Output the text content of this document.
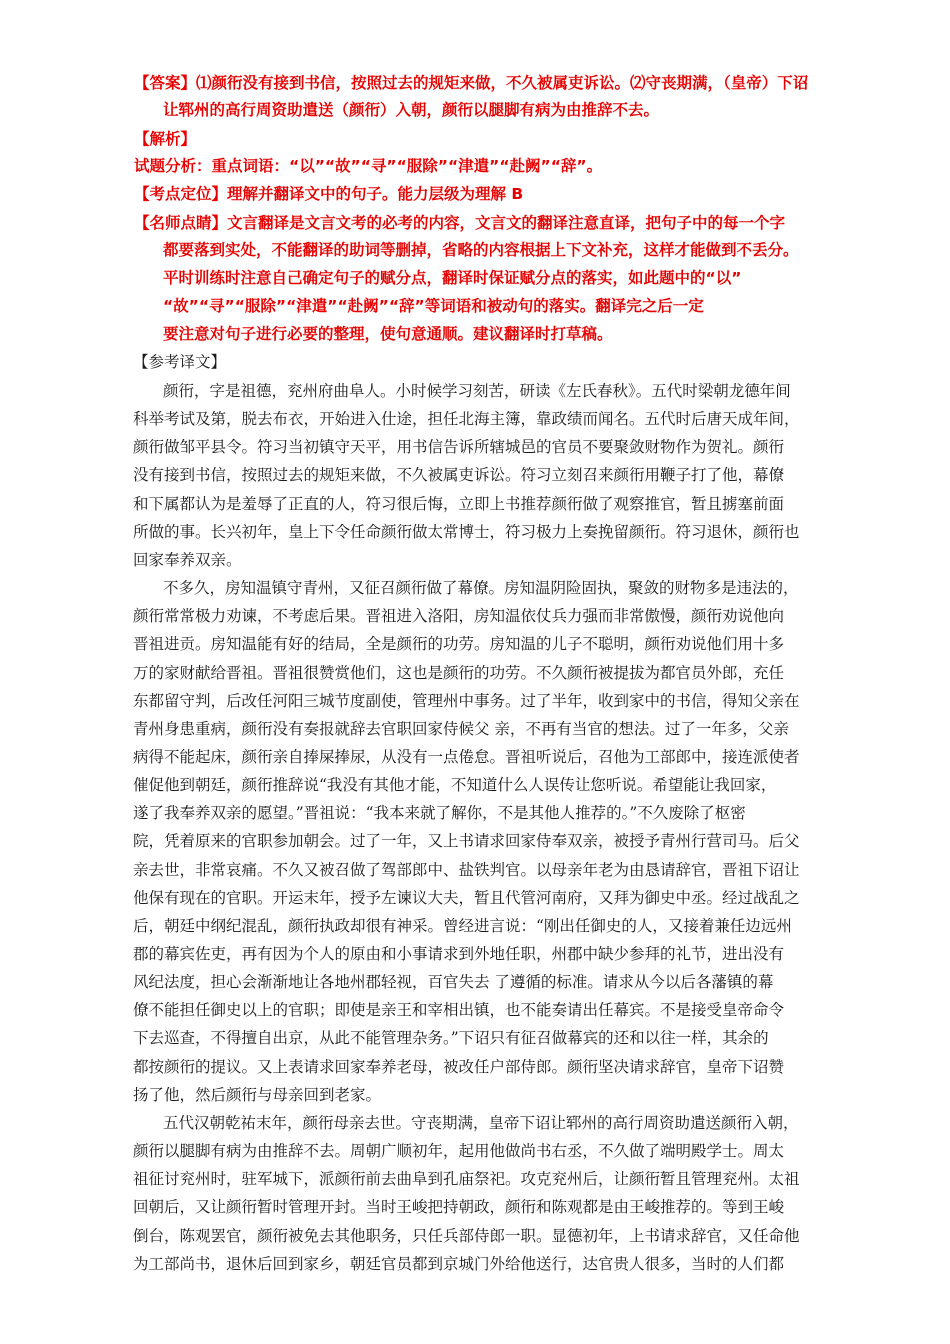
【答案】⑴颜衎没有接到书信，按照过去的规矩来做，不久被属吏诉讼。⑵守丧期满，（皇帝）下诏
让郓州的高行周资助遣送（颜衎）入朝，颜衎以腿脚有病为由推辞不去。
【解析】
试题分析：重点词语：“以”“故”“寻”“服除”“津遣”“赴阙”“辞”。
【考点定位】理解并翻译文中的句子。能力层级为理解 B
【名师点睛】文言翻译是文言文考的必考的内容，文言文的翻译注意直译，把句子中的每一个字
都要落到实处，不能翻译的助词等删掉，省略的内容根据上下文补充，这样才能做到不丢分。
平时训练时注意自己确定句子的赋分点，翻译时保证赋分点的落实，如此题中的“以”
“故”“寻”“服除”“津遣”“赴阙”“辞”等词语和被动句的落实。翻译完之后一定
要注意对句子进行必要的整理，使句意通顺。建议翻译时打草稿。
【参考译文】
颜衎，字是祖德，兖州府曲阜人。小时候学习刻苦，研读《左氏春秋》。五代时梁朝龙德年间
科举考试及第，脱去布衣，开始进入仕途，担任北海主簿，靠政绩而闻名。五代时后唐天成年间，
颜衎做邹平县令。符习当初镇守天平，用书信告诉所辖城邑的官员不要聚敛财物作为贺礼。颜衎
没有接到书信，按照过去的规矩来做，不久被属吏诉讼。符习立刻召来颜衎用鞭子打了他，幕僚
和下属都认为是羞辱了正直的人，符习很后悔，立即上书推荐颜衎做了观察推官，暂且掳塞前面
所做的事。长兴初年，皇上下令任命颜衎做太常博士，符习极力上奏挽留颜衎。符习退休，颜衎也
回家奉养双亲。
不多久，房知温镇守青州，又征召颜衎做了幕僚。房知温阴险固执，聚敛的财物多是违法的，
颜衎常常极力劝谏，不考虑后果。晋祖进入洛阳，房知温依仗兵力强而非常傲慢，颜衎劝说他向
晋祖进贡。房知温能有好的结局，全是颜衎的功劳。房知温的儿子不聪明，颜衎劝说他们用十多
万的家财献给晋祖。晋祖很赞赏他们，这也是颜衎的功劳。不久颜衎被提拔为都官员外郎，充任
东都留守判，后改任河阳三城节度副使，管理州中事务。过了半年，收到家中的书信，得知父亲在
青州身患重病，颜衎没有奏报就辞去官职回家侍候父 亲，不再有当官的想法。过了一年多，父亲
病得不能起床，颜衎亲自捧屎捧尿，从没有一点倦怠。晋祖听说后，召他为工部郎中，接连派使者
催促他到朝廷，颜衎推辞说“我没有其他才能，不知道什么人误传让您听说。希望能让我回家，
遂了我奉养双亲的愿望。”晋祖说：“我本来就了解你，不是其他人推荐的。”不久废除了枢密
院，凭着原来的官职参加朝会。过了一年，又上书请求回家侍奉双亲，被授予青州行营司马。后父
亲去世，非常哀痛。不久又被召做了驾部郎中、盐铁判官。以母亲年老为由恳请辞官，晋祖下诏让
他保有现在的官职。开运末年，授予左谏议大夫，暂且代管河南府，又拜为御史中丞。经过战乱之
后，朝廷中纲纪混乱，颜衎执政却很有神采。曾经进言说：“刚出任御史的人，又接着兼任边远州
郡的幕宾佐吏，再有因为个人的原由和小事请求到外地任职，州郡中缺少参拜的礼节，进出没有
风纪法度，担心会渐渐地让各地州郡轻视，百官失去 了遵循的标准。请求从今以后各藩镇的幕
僚不能担任御史以上的官职；即使是亲王和宰相出镇，也不能奏请出任幕宾。不是接受皇帝命令
下去巡查，不得擅自出京，从此不能管理杂务。”下诏只有征召做幕宾的还和以往一样，其余的
都按颜衎的提议。又上表请求回家奉养老母，被改任户部侍郎。颜衎坚决请求辞官，皇帝下诏赞
扬了他，然后颜衎与母亲回到老家。
五代汉朝乾祐末年，颜衎母亲去世。守丧期满，皇帝下诏让郓州的高行周资助遣送颜衎入朝，
颜衎以腿脚有病为由推辞不去。周朝广顺初年，起用他做尚书右丞，不久做了端明殿学士。周太
祖征讨兖州时，驻军城下，派颜衎前去曲阜到孔庙祭祀。攻克兖州后，让颜衎暂且管理兖州。太祖
回朝后，又让颜衎暂时管理开封。当时王峻把持朝政，颜衎和陈观都是由王峻推荐的。等到王峻
倒台，陈观罢官，颜衎被免去其他职务，只任兵部侍郎一职。显德初年，上书请求辞官，又任命他
为工部尚书，退休后回到家乡，朝廷官员都到京城门外给他送行，达官贵人很多，当时的人们都
